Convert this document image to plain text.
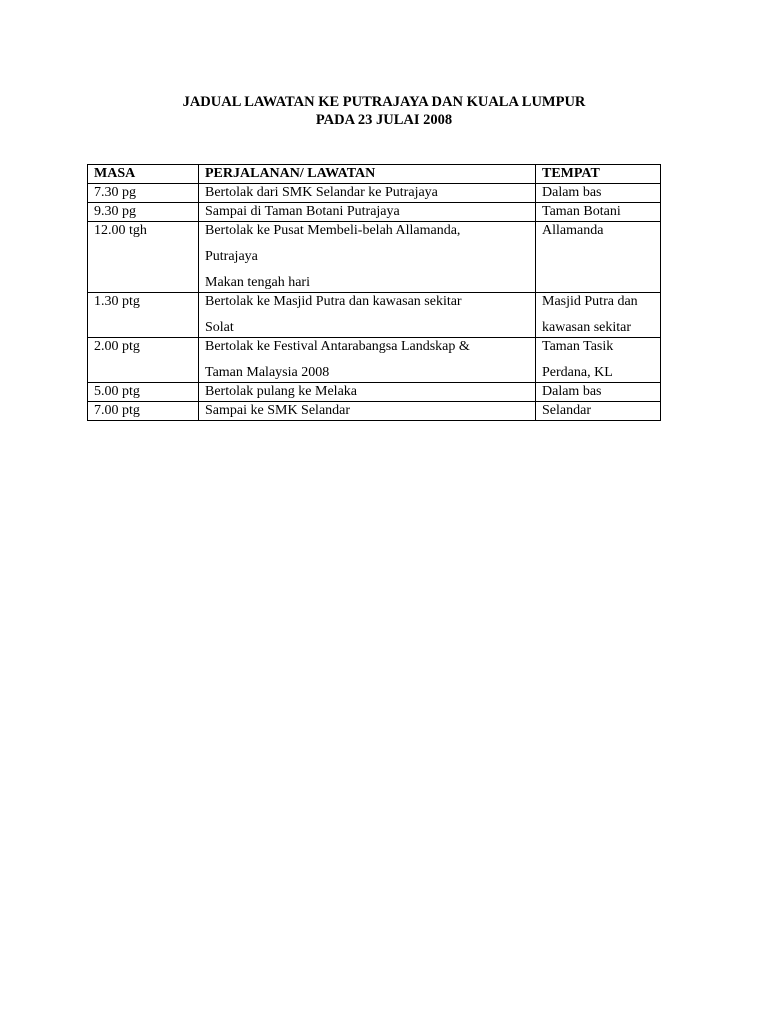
JADUAL LAWATAN KE PUTRAJAYA DAN KUALA LUMPUR
PADA 23 JULAI 2008
MASA	PERJALANAN/ LAWATAN	TEMPAT

7.30 pg	Bertolak dari SMK Selandar ke Putrajaya	Dalam bas

9.30 pg	Sampai di Taman Botani Putrajaya	Taman Botani

12.00 tgh	Bertolak ke Pusat Membeli-belah Allamanda,
Putrajaya
Makan tengah hari	Allamanda

1.30 ptg	Bertolak ke Masjid Putra dan kawasan sekitar
Solat	Masjid Putra dan
kawasan sekitar

2.00 ptg	Bertolak ke Festival Antarabangsa Landskap &
Taman Malaysia 2008	Taman Tasik
Perdana, KL

5.00 ptg	Bertolak pulang ke Melaka	Dalam bas

7.00 ptg	Sampai ke SMK Selandar	Selandar
